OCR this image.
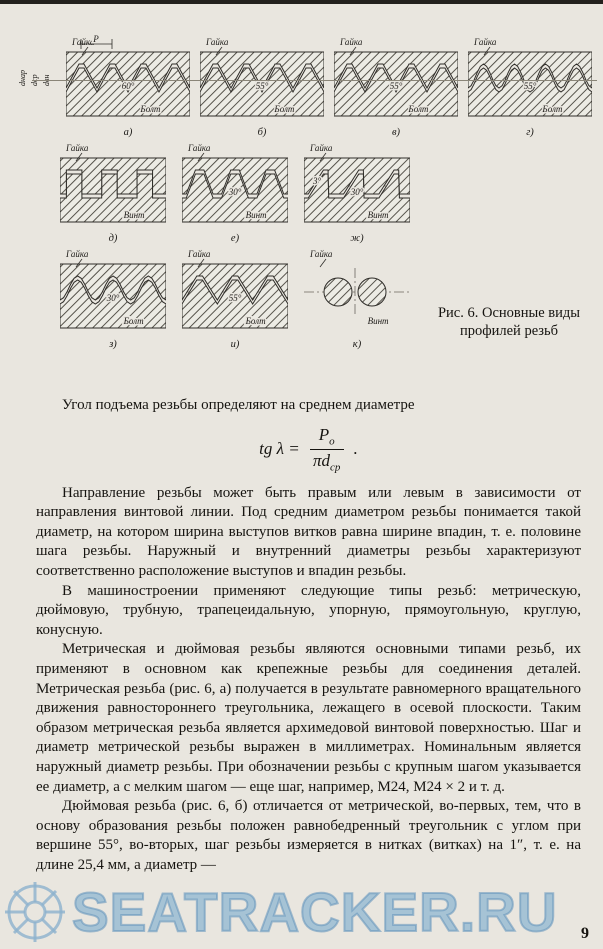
dнар dср dвн
Гайка
Болт
60°
а)
P	Гайка
Болт
55°
б)
Гайка
Болт
55°
в)
Гайка
Болт
55°
г)
Гайка
Винт
д)
Гайка
Винт
30°
е)
Гайка
Винт
30°
3°
ж)
Гайка
Болт
30°
з)
Гайка
Болт
55°
и)
Гайка
Винт
к)
Рис. 6. Основные виды профилей резьб

Угол подъема резьбы определяют на среднем диаметре

tg $\lambda = \frac{P_о}{\pi d_{ср}}$ .

Направление резьбы может быть правым или левым в зависимости от направления винтовой линии. Под средним диаметром резьбы понимается такой диаметр, на котором ширина выступов витков равна ширине впадин, т. е. половине шага резьбы. Наружный и внутренний диаметры резьбы характеризуют соответственно расположение выступов и впадин резьбы.

В машиностроении применяют следующие типы резьб: метрическую, дюймовую, трубную, трапецеидальную, упорную, прямоугольную, круглую, конусную.

Метрическая и дюймовая резьбы являются основными типами резьб, их применяют в основном как крепежные резьбы для соединения деталей. Метрическая резьба (рис. 6, а) получается в результате равномерного вращательного движения равностороннего треугольника, лежащего в осевой плоскости. Таким образом метрическая резьба является архимедовой винтовой поверхностью. Шаг и диаметр метрической резьбы выражен в миллиметрах. Номинальным является наружный диаметр резьбы. При обозначении резьбы с крупным шагом указывается ее диаметр, а с мелким шагом — еще шаг, например, М24, М24 × 2 и т. д.

Дюймовая резьба (рис. 6, б) отличается от метрической, во-первых, тем, что в основу образования резьбы положен равнобедренный треугольник с углом при вершине 55°, во-вторых, шаг резьбы измеряется в нитках (витках) на 1″, т. е. на длине 25,4 мм, а диаметр —

SEATRACKER.RU 9
